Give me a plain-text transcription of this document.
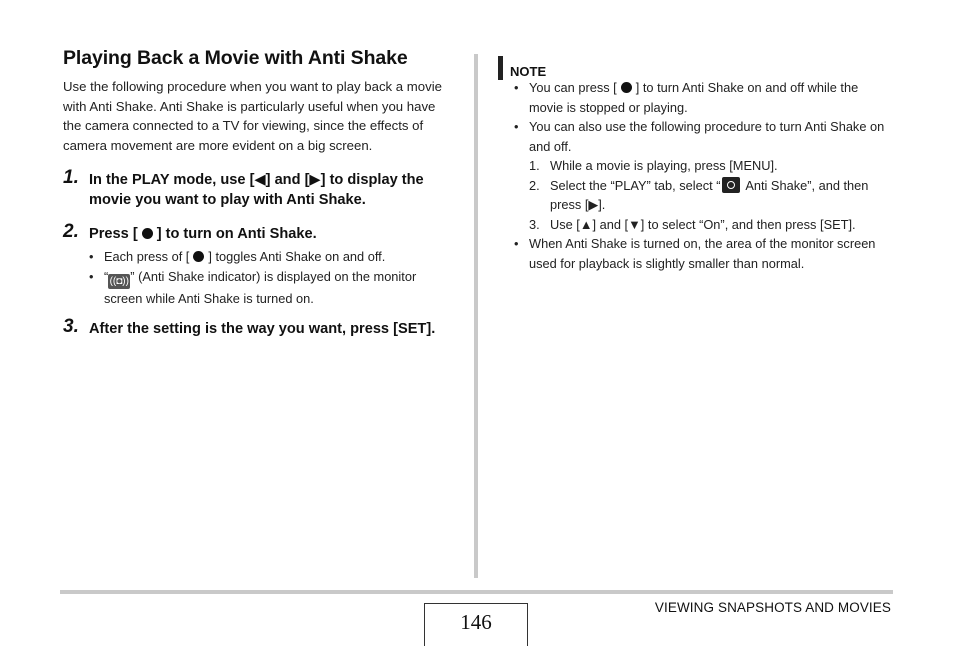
Playing Back a Movie with Anti Shake
Use the following procedure when you want to play back a movie with Anti Shake. Anti Shake is particularly useful when you have the camera connected to a TV for viewing, since the effects of camera movement are more evident on a big screen.
1. In the PLAY mode, use [◀] and [▶] to display the movie you want to play with Anti Shake.
2. Press [ ] to turn on Anti Shake.
• Each press of [ ] toggles Anti Shake on and off.
• “((◘))” (Anti Shake indicator) is displayed on the monitor screen while Anti Shake is turned on.
3. After the setting is the way you want, press [SET].
NOTE
• You can press [ ] to turn Anti Shake on and off while the movie is stopped or playing.
• You can also use the following procedure to turn Anti Shake on and off.
1. While a movie is playing, press [MENU].
2. Select the “PLAY” tab, select “ Anti Shake”, and then press [▶].
3. Use [▲] and [▼] to select “On”, and then press [SET].
• When Anti Shake is turned on, the area of the monitor screen used for playback is slightly smaller than normal.
146
VIEWING SNAPSHOTS AND MOVIES
